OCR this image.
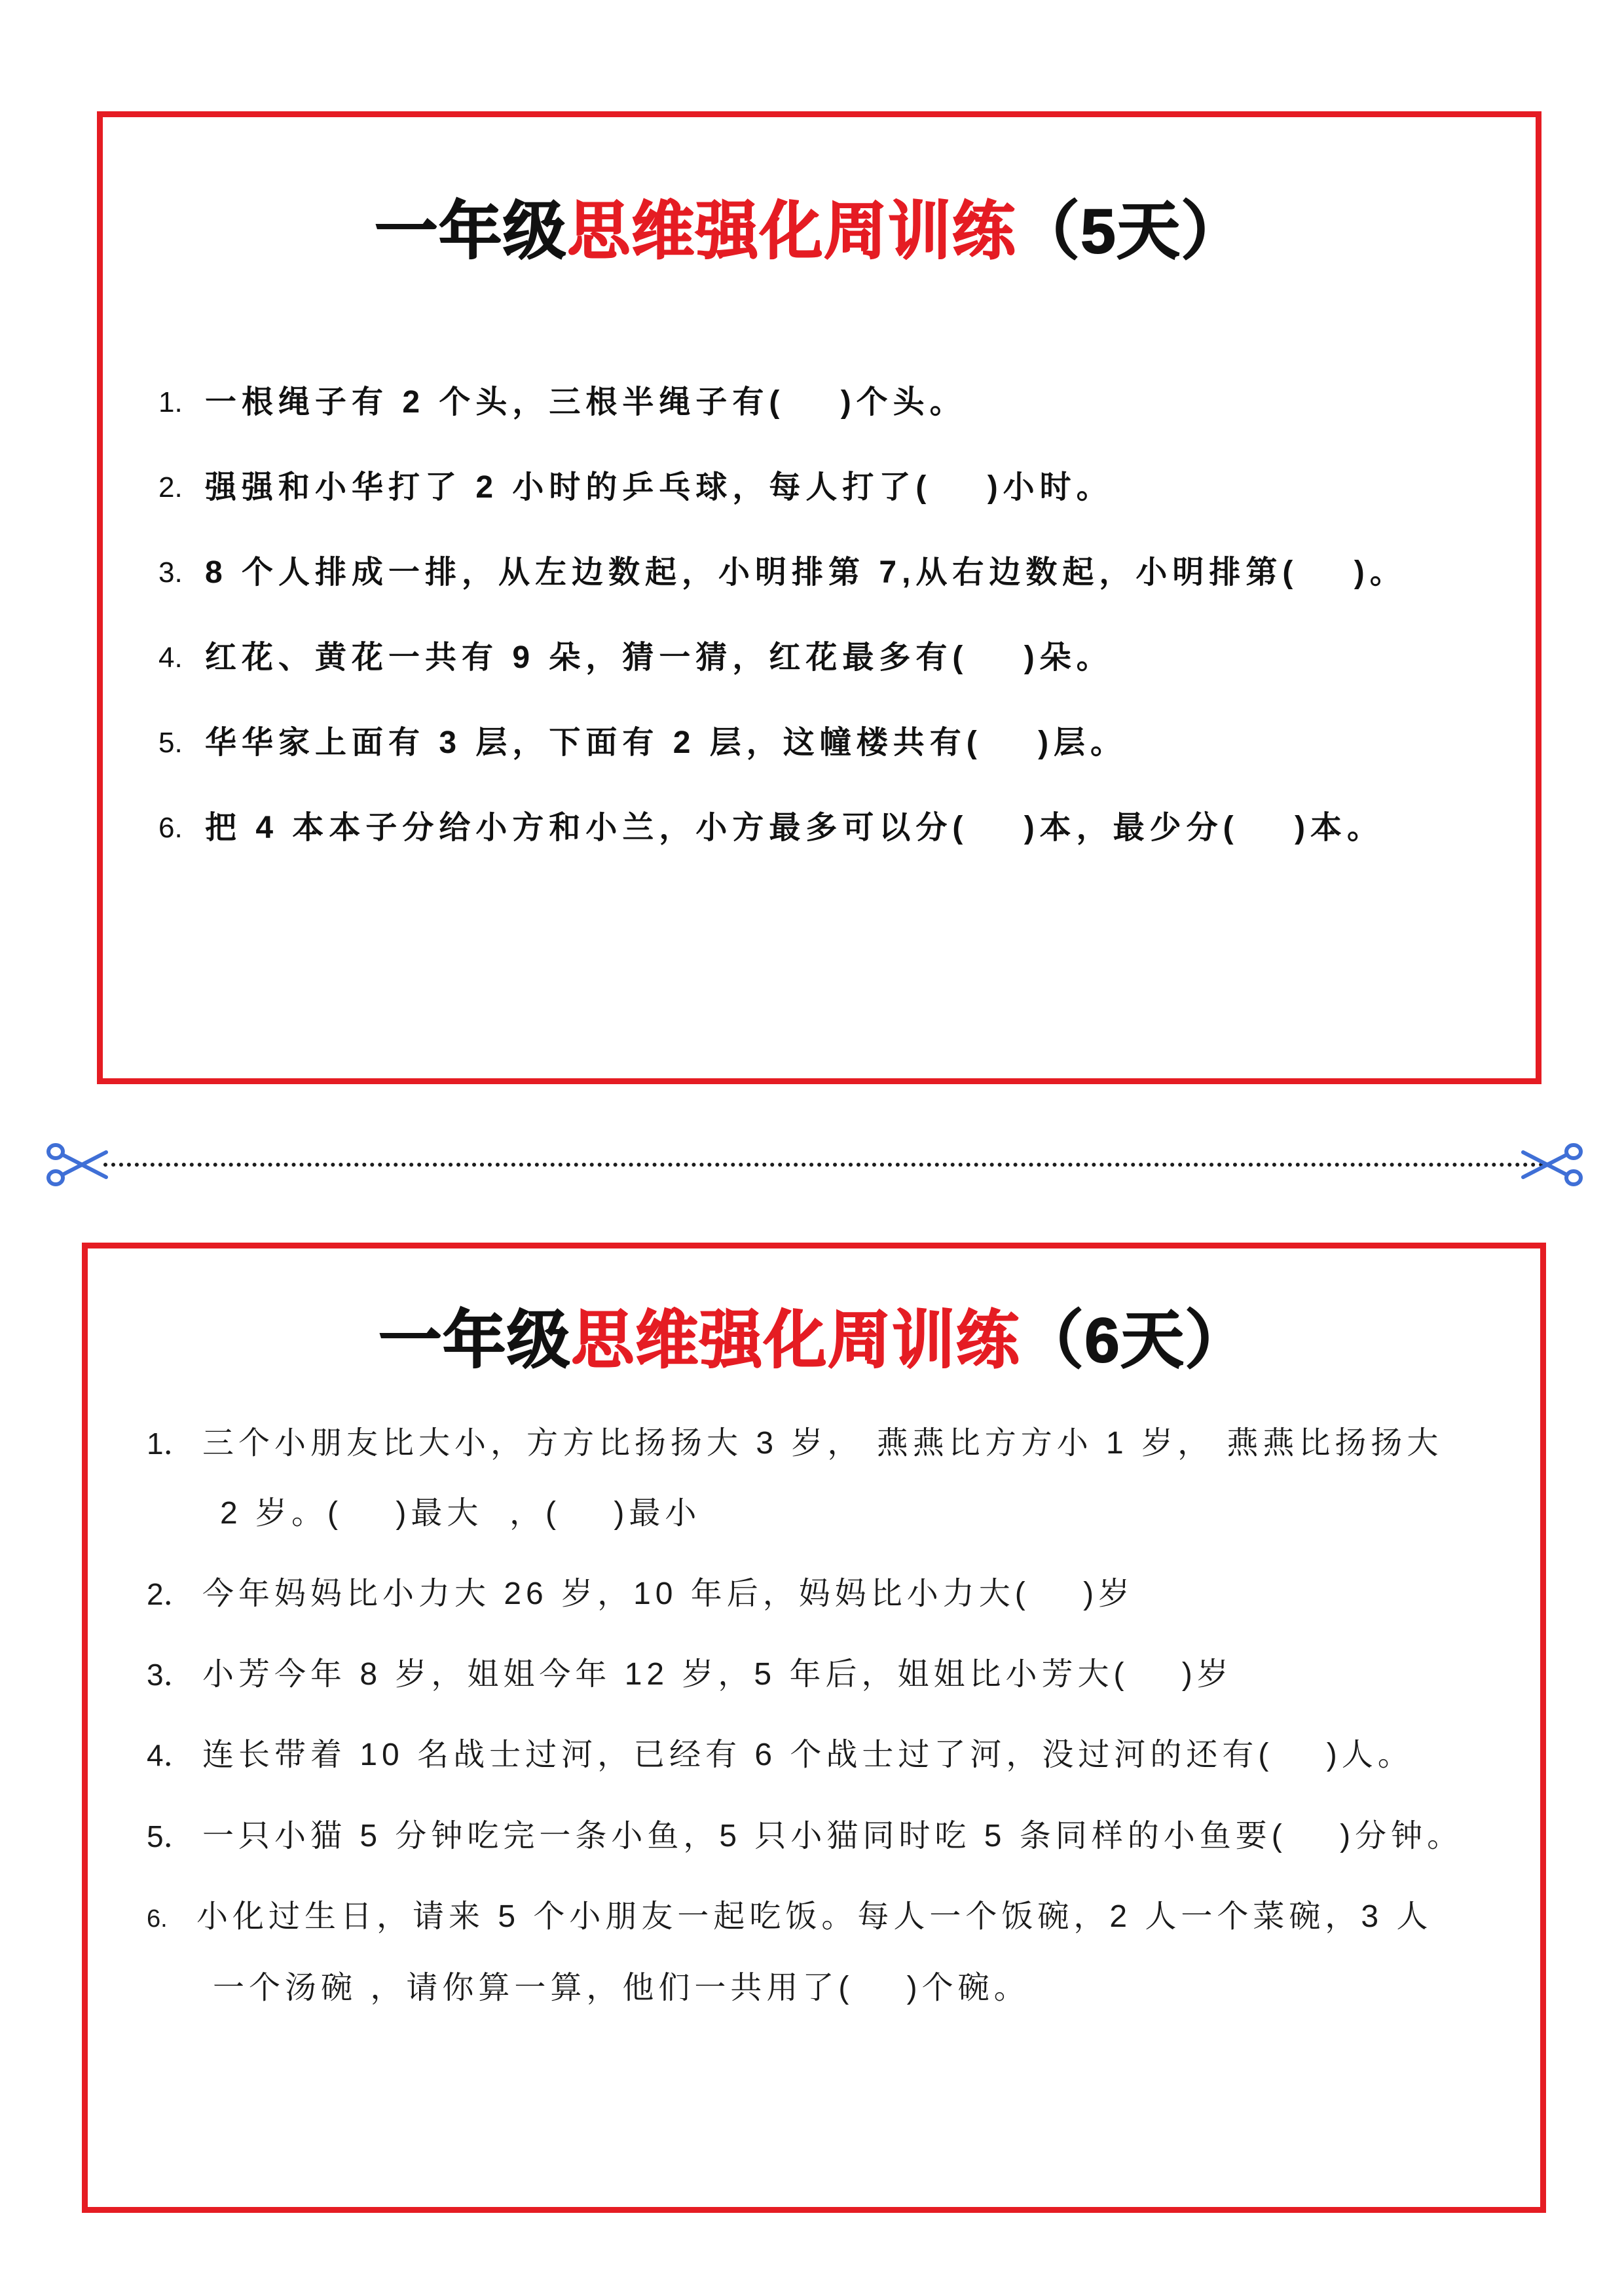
一年级思维强化周训练（5天）
1. 一根绳子有 2 个头，三根半绳子有(    )个头。
2. 强强和小华打了 2 小时的乒乓球，每人打了(    )小时。
3. 8 个人排成一排，从左边数起，小明排第 7,从右边数起，小明排第(    )。
4. 红花、黄花一共有 9 朵，猜一猜，红花最多有(    )朵。
5. 华华家上面有 3 层，下面有 2 层，这幢楼共有(    )层。
6. 把 4 本本子分给小方和小兰，小方最多可以分(    )本，最少分(    )本。
一年级思维强化周训练（6天）
1． 三个小朋友比大小，方方比扬扬大 3 岁， 燕燕比方方小 1 岁， 燕燕比扬扬大
2 岁。(    )最大  ，(    )最小
2． 今年妈妈比小力大 26 岁，10 年后，妈妈比小力大(    )岁
3． 小芳今年 8 岁，姐姐今年 12 岁，5 年后，姐姐比小芳大(    )岁
4． 连长带着 10 名战士过河，已经有 6 个战士过了河，没过河的还有(    )人。
5． 一只小猫 5 分钟吃完一条小鱼，5 只小猫同时吃 5 条同样的小鱼要(    )分钟。
6. 小化过生日，请来 5 个小朋友一起吃饭。每人一个饭碗，2 人一个菜碗，3 人
一个汤碗 ，请你算一算，他们一共用了(    )个碗。
